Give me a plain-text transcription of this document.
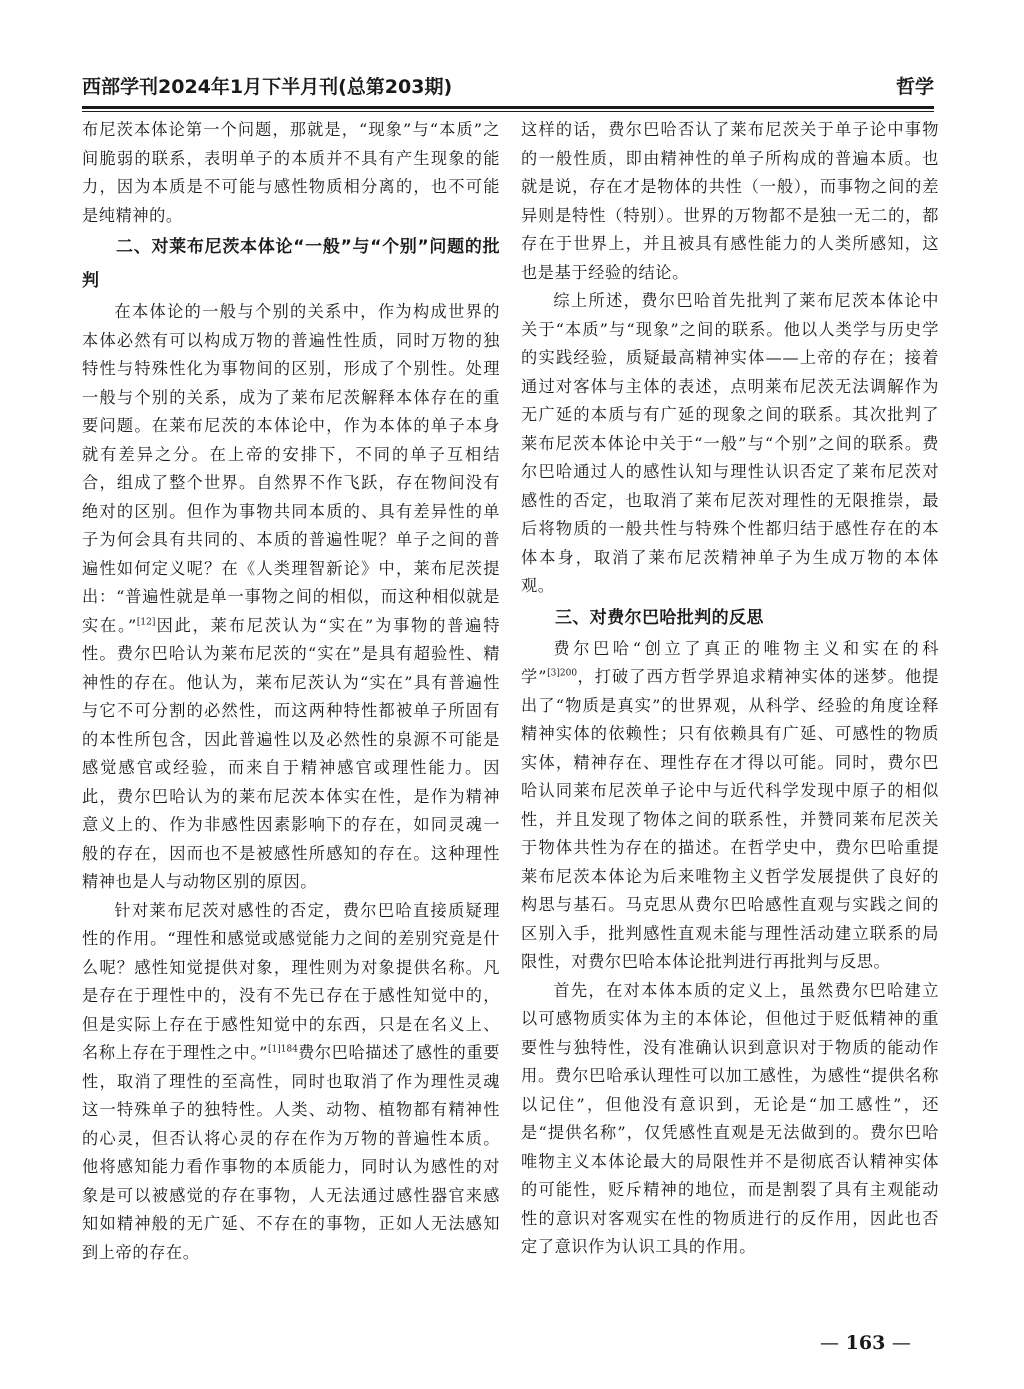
西部学刊2024年1月下半月刊(总第203期)	哲学

布尼茨本体论第一个问题，那就是，“现象”与“本质”之间脆弱的联系，表明单子的本质并不具有产生现象的能力，因为本质是不可能与感性物质相分离的，也不可能是纯精神的。

二、对莱布尼茨本体论“一般”与“个别”问题的批判

在本体论的一般与个别的关系中，作为构成世界的本体必然有可以构成万物的普遍性性质，同时万物的独特性与特殊性化为事物间的区别，形成了个别性。处理一般与个别的关系，成为了莱布尼茨解释本体存在的重要问题。在莱布尼茨的本体论中，作为本体的单子本身就有差异之分。在上帝的安排下，不同的单子互相结合，组成了整个世界。自然界不作飞跃，存在物间没有绝对的区别。但作为事物共同本质的、具有差异性的单子为何会具有共同的、本质的普遍性呢？单子之间的普遍性如何定义呢？在《人类理智新论》中，莱布尼茨提出：“普遍性就是单一事物之间的相似，而这种相似就是实在。”[12]因此，莱布尼茨认为“实在”为事物的普遍特性。费尔巴哈认为莱布尼茨的“实在”是具有超验性、精神性的存在。他认为，莱布尼茨认为“实在”具有普遍性与它不可分割的必然性，而这两种特性都被单子所固有的本性所包含，因此普遍性以及必然性的泉源不可能是感觉感官或经验，而来自于精神感官或理性能力。因此，费尔巴哈认为的莱布尼茨本体实在性，是作为精神意义上的、作为非感性因素影响下的存在，如同灵魂一般的存在，因而也不是被感性所感知的存在。这种理性精神也是人与动物区别的原因。

针对莱布尼茨对感性的否定，费尔巴哈直接质疑理性的作用。“理性和感觉或感觉能力之间的差别究竟是什么呢？感性知觉提供对象，理性则为对象提供名称。凡是存在于理性中的，没有不先已存在于感性知觉中的，但是实际上存在于感性知觉中的东西，只是在名义上、名称上存在于理性之中。”$^{[1]184}$费尔巴哈描述了感性的重要性，取消了理性的至高性，同时也取消了作为理性灵魂这一特殊单子的独特性。人类、动物、植物都有精神性的心灵，但否认将心灵的存在作为万物的普遍性本质。他将感知能力看作事物的本质能力，同时认为感性的对象是可以被感觉的存在事物，人无法通过感性器官来感知如精神般的无广延、不存在的事物，正如人无法感知到上帝的存在。

这样的话，费尔巴哈否认了莱布尼茨关于单子论中事物的一般性质，即由精神性的单子所构成的普遍本质。也就是说，存在才是物体的共性（一般），而事物之间的差异则是特性（特别）。世界的万物都不是独一无二的，都存在于世界上，并且被具有感性能力的人类所感知，这也是基于经验的结论。

综上所述，费尔巴哈首先批判了莱布尼茨本体论中关于“本质”与“现象”之间的联系。他以人类学与历史学的实践经验，质疑最高精神实体——上帝的存在；接着通过对客体与主体的表述，点明莱布尼茨无法调解作为无广延的本质与有广延的现象之间的联系。其次批判了莱布尼茨本体论中关于“一般”与“个别”之间的联系。费尔巴哈通过人的感性认知与理性认识否定了莱布尼茨对感性的否定，也取消了莱布尼茨对理性的无限推崇，最后将物质的一般共性与特殊个性都归结于感性存在的本体本身，取消了莱布尼茨精神单子为生成万物的本体观。

三、对费尔巴哈批判的反思

费尔巴哈“创立了真正的唯物主义和实在的科学”$^{[3]200}$，打破了西方哲学界追求精神实体的迷梦。他提出了“物质是真实”的世界观，从科学、经验的角度诠释精神实体的依赖性；只有依赖具有广延、可感性的物质实体，精神存在、理性存在才得以可能。同时，费尔巴哈认同莱布尼茨单子论中与近代科学发现中原子的相似性，并且发现了物体之间的联系性，并赞同莱布尼茨关于物体共性为存在的描述。在哲学史中，费尔巴哈重提莱布尼茨本体论为后来唯物主义哲学发展提供了良好的构思与基石。马克思从费尔巴哈感性直观与实践之间的区别入手，批判感性直观未能与理性活动建立联系的局限性，对费尔巴哈本体论批判进行再批判与反思。

首先，在对本体本质的定义上，虽然费尔巴哈建立以可感物质实体为主的本体论，但他过于贬低精神的重要性与独特性，没有准确认识到意识对于物质的能动作用。费尔巴哈承认理性可以加工感性，为感性“提供名称以记住”，但他没有意识到，无论是“加工感性”，还是“提供名称”，仅凭感性直观是无法做到的。费尔巴哈唯物主义本体论最大的局限性并不是彻底否认精神实体的可能性，贬斥精神的地位，而是割裂了具有主观能动性的意识对客观实在性的物质进行的反作用，因此也否定了意识作为认识工具的作用。

— 163 —
